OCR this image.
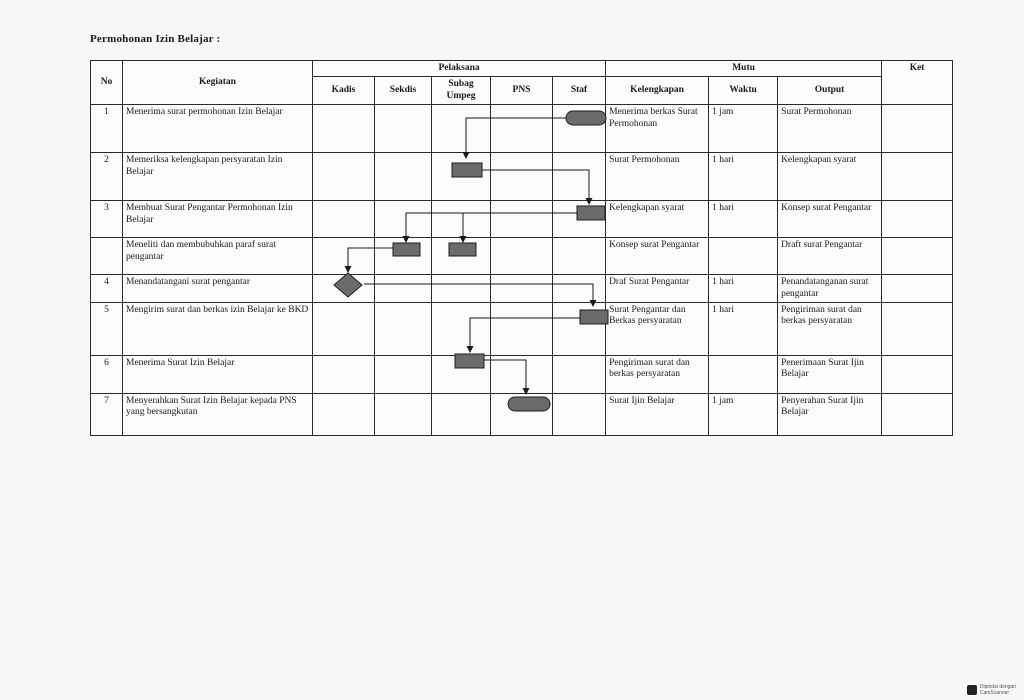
Permohonan Izin Belajar :
No	Kegiatan	Pelaksana					Mutu			Ket
		Kadis	Sekdis	Subag Umpeg	PNS	Staf	Kelengkapan	Waktu	Output	
1	Menerima surat permohonan Izin Belajar						Menerima berkas Surat Permohonan	1 jam	Surat Permohonan	
2	Memeriksa kelengkapan persyaratan Izin Belajar						Surat Permohonan	1 hari	Kelengkapan syarat	
3	Membuat Surat Pengantar Permohonan Izin Belajar						Kelengkapan syarat	1 hari	Konsep surat Pengantar	
	Meneliti dan membubuhkan paraf surat pengantar						Konsep surat Pengantar		Draft surat Pengantar	
4	Menandatangani surat pengantar						Draf Surat Pengantar	1 hari	Penandatanganan surat pengantar	
5	Mengirim surat dan berkas izin Belajar ke BKD						Surat Pengantar dan Berkas persyaratan	1 hari	Pengiriman surat dan berkas persyaratan	
6	Menerima Surat Izin Belajar						Pengiriman surat dan berkas persyaratan		Penerimaan Surat Ijin Belajar	
7	Menyerahkan Surat Izin Belajar kepada PNS yang bersangkutan						Surat Ijin Belajar	1 jam	Penyerahan Surat Ijin Belajar	
Dipindai dengan
CamScanner
